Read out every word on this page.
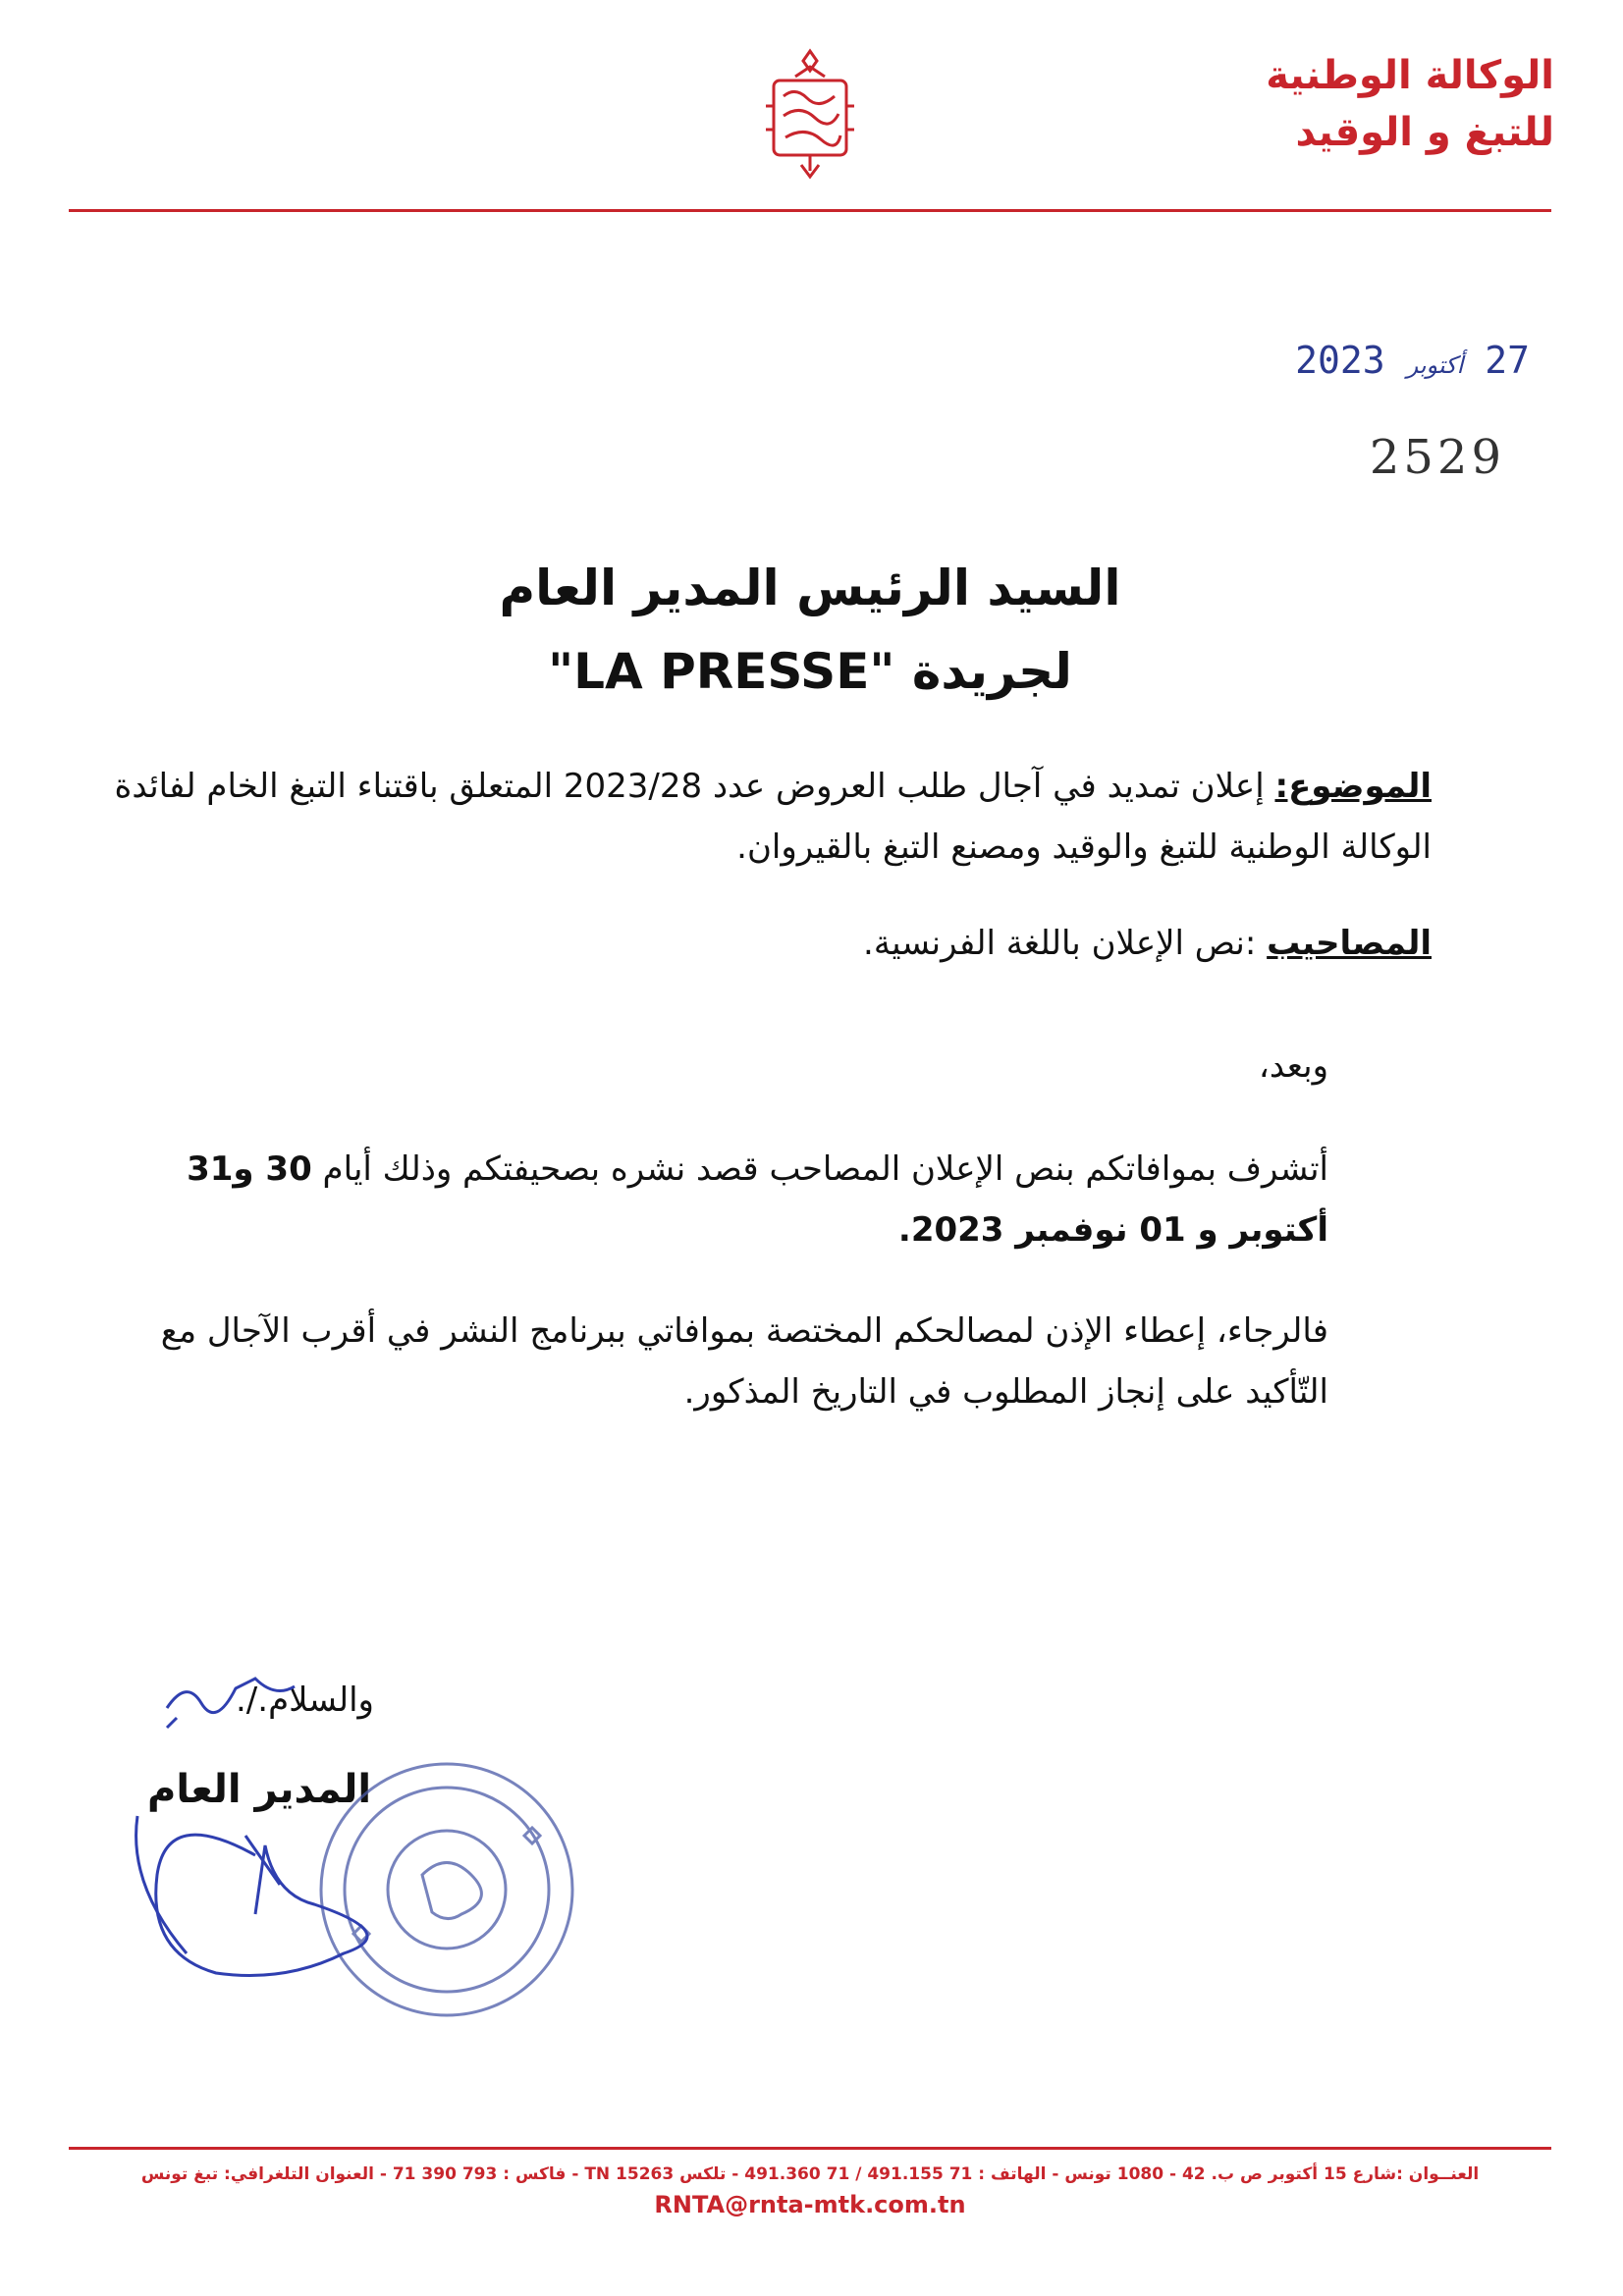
الوكالة الوطنية
للتبغ و الوقيد
27
أكتوبر
2023
2529
السيد الرئيس المدير العام
لجريدة "LA PRESSE"
الموضوع: إعلان تمديد في آجال طلب العروض عدد 2023/28 المتعلق باقتناء التبغ الخام لفائدة الوكالة الوطنية للتبغ والوقيد ومصنع التبغ بالقيروان.
المصاحيب :نص الإعلان باللغة الفرنسية.
وبعد،
أتشرف بموافاتكم بنص الإعلان المصاحب قصد نشره بصحيفتكم وذلك أيام 30 و31 أكتوبر و 01 نوفمبر 2023.
فالرجاء، إعطاء الإذن لمصالحكم المختصة بموافاتي ببرنامج النشر في أقرب الآجال مع التّأكيد على إنجاز المطلوب في التاريخ المذكور.
والسلام./.
المدير العام
العنــوان :شارع 15 أكتوبر ص ب. 42 - 1080 تونس - الهاتف : 71 491.155 / 71 491.360 - تلكس TN 15263 - فاكس : 793 390 71 - العنوان التلغرافي: تبغ تونس
RNTA@rnta-mtk.com.tn
